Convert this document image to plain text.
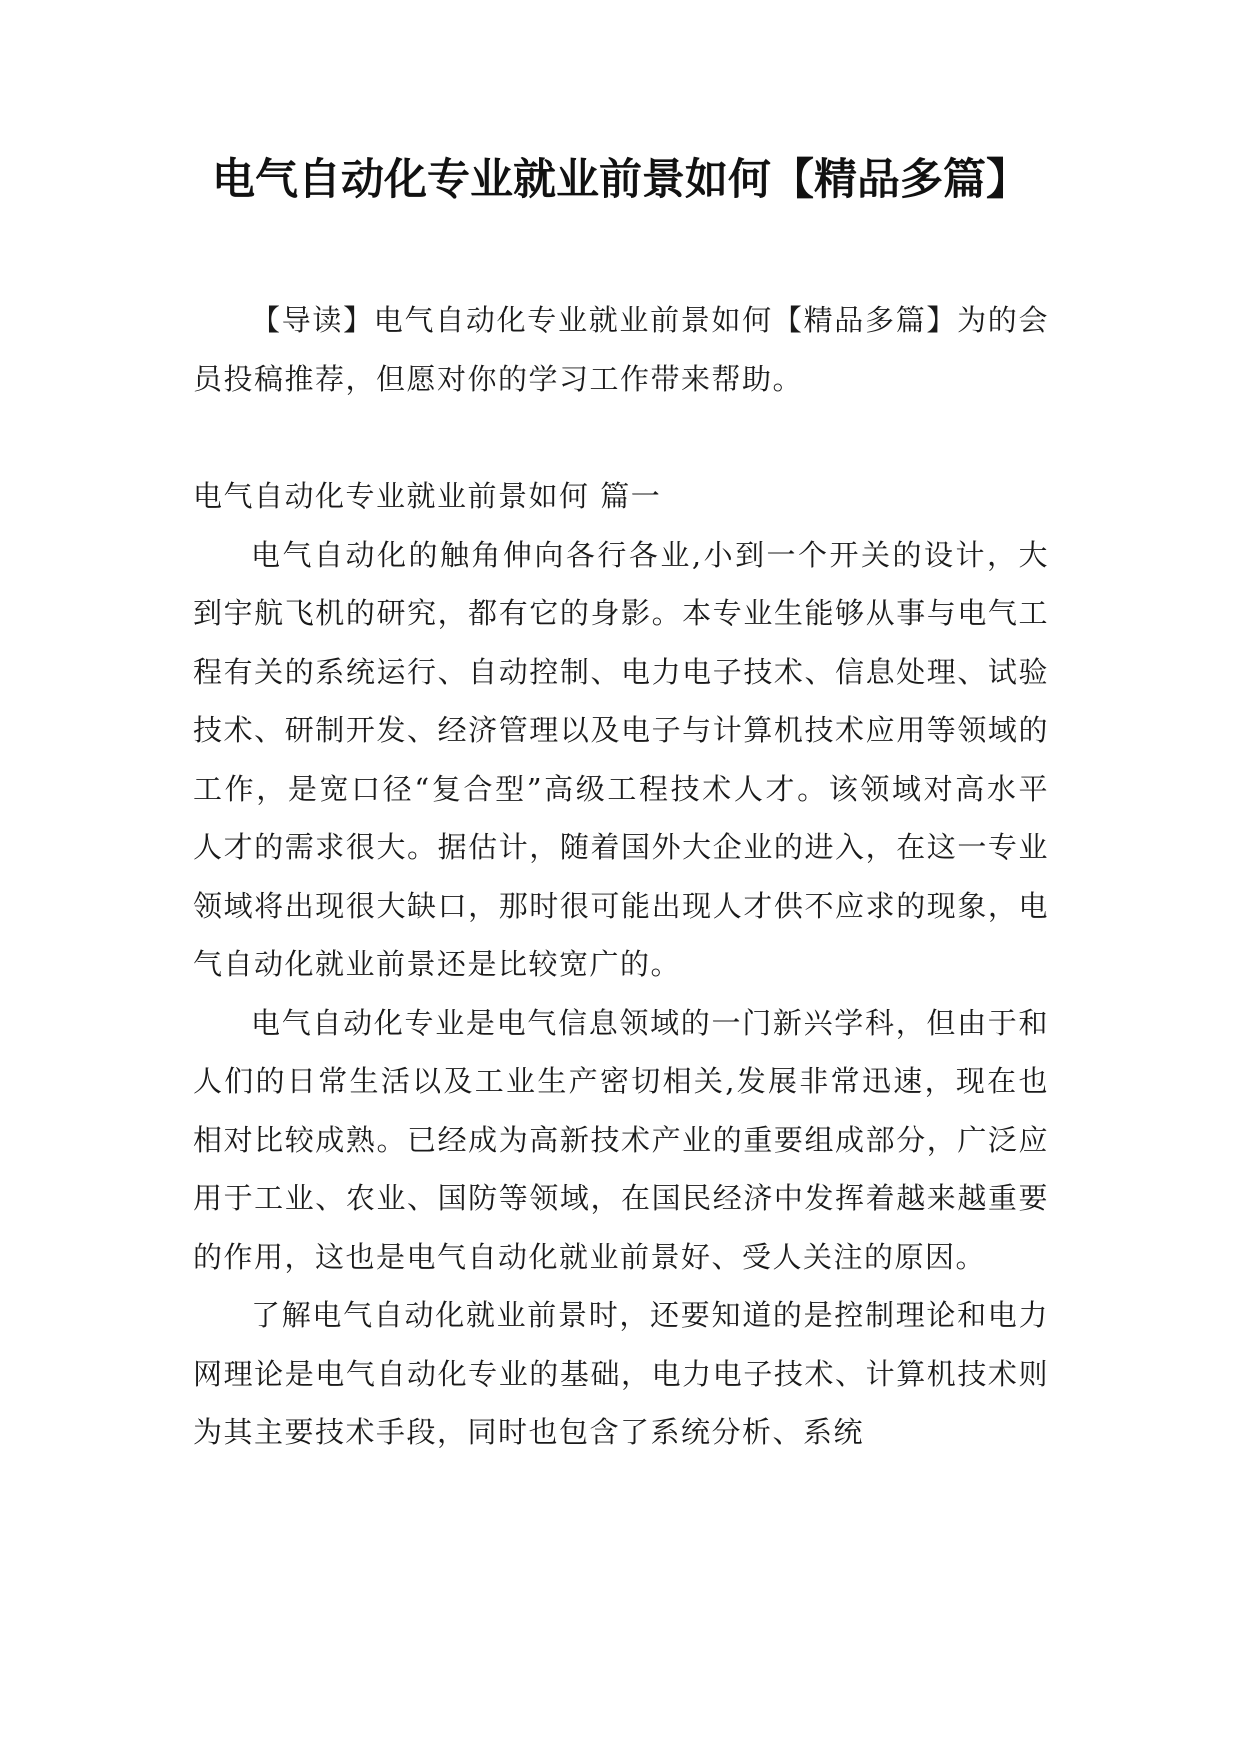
电气自动化专业就业前景如何【精品多篇】

【导读】电气自动化专业就业前景如何【精品多篇】为的会员投稿推荐，但愿对你的学习工作带来帮助。

电气自动化专业就业前景如何 篇一

电气自动化的触角伸向各行各业,小到一个开关的设计，大到宇航飞机的研究，都有它的身影。本专业生能够从事与电气工程有关的系统运行、自动控制、电力电子技术、信息处理、试验技术、研制开发、经济管理以及电子与计算机技术应用等领域的工作，是宽口径“复合型”高级工程技术人才。该领域对高水平人才的需求很大。据估计，随着国外大企业的进入，在这一专业领域将出现很大缺口，那时很可能出现人才供不应求的现象，电气自动化就业前景还是比较宽广的。

电气自动化专业是电气信息领域的一门新兴学科，但由于和人们的日常生活以及工业生产密切相关,发展非常迅速，现在也相对比较成熟。已经成为高新技术产业的重要组成部分，广泛应用于工业、农业、国防等领域，在国民经济中发挥着越来越重要的作用，这也是电气自动化就业前景好、受人关注的原因。

了解电气自动化就业前景时，还要知道的是控制理论和电力网理论是电气自动化专业的基础，电力电子技术、计算机技术则为其主要技术手段，同时也包含了系统分析、系统
